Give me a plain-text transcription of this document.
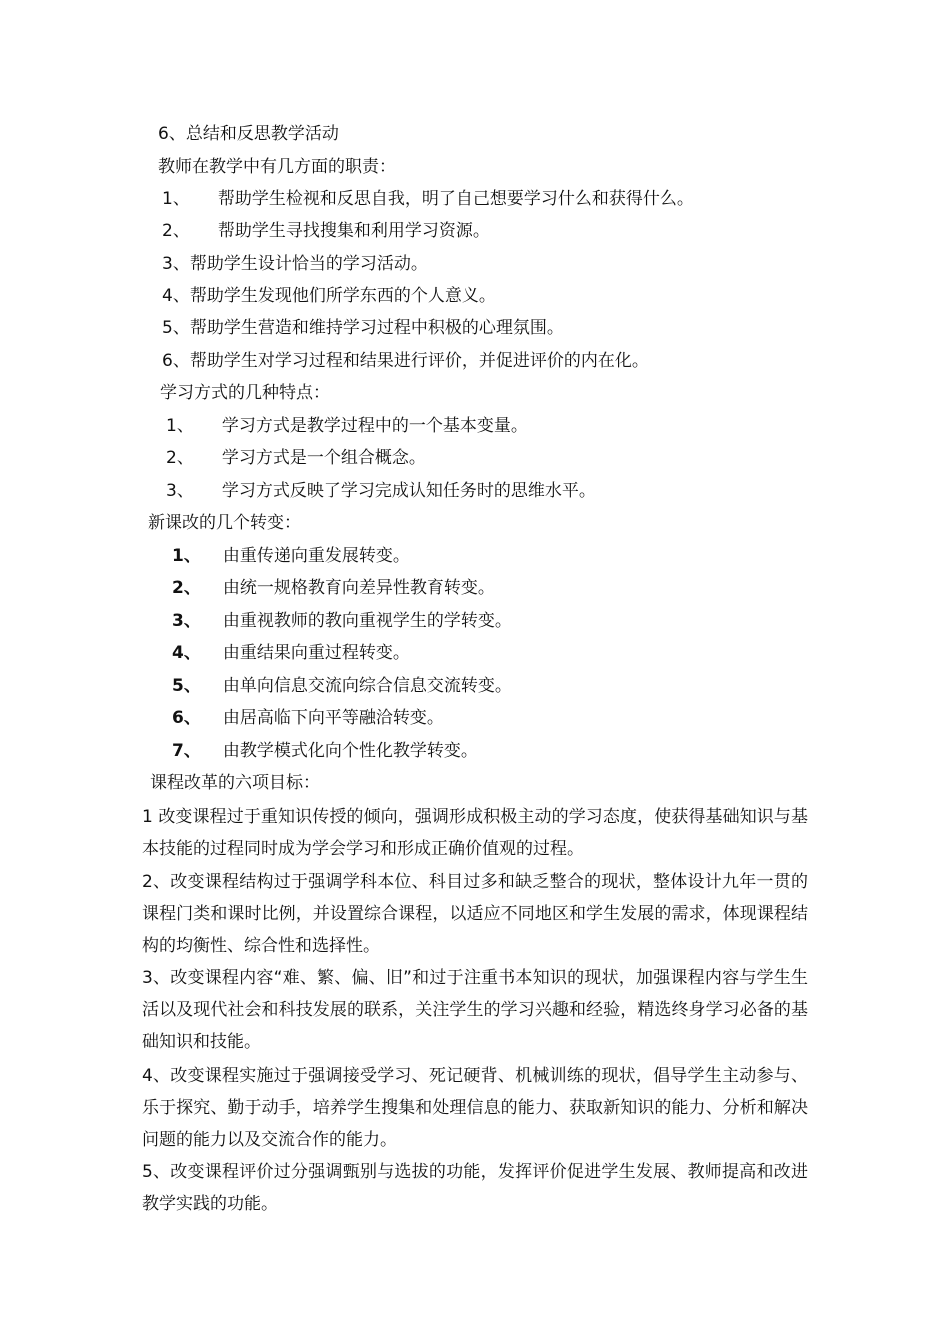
6、总结和反思教学活动
教师在教学中有几方面的职责：
1、 帮助学生检视和反思自我，明了自己想要学习什么和获得什么。
2、 帮助学生寻找搜集和利用学习资源。
3、帮助学生设计恰当的学习活动。
4、帮助学生发现他们所学东西的个人意义。
5、帮助学生营造和维持学习过程中积极的心理氛围。
6、帮助学生对学习过程和结果进行评价，并促进评价的内在化。
学习方式的几种特点：
1、 学习方式是教学过程中的一个基本变量。
2、 学习方式是一个组合概念。
3、 学习方式反映了学习完成认知任务时的思维水平。
新课改的几个转变：
1、 由重传递向重发展转变。
2、 由统一规格教育向差异性教育转变。
3、 由重视教师的教向重视学生的学转变。
4、 由重结果向重过程转变。
5、 由单向信息交流向综合信息交流转变。
6、 由居高临下向平等融洽转变。
7、 由教学模式化向个性化教学转变。
课程改革的六项目标：
1 改变课程过于重知识传授的倾向，强调形成积极主动的学习态度，使获得基础知识与基本技能的过程同时成为学会学习和形成正确价值观的过程。
2、改变课程结构过于强调学科本位、科目过多和缺乏整合的现状，整体设计九年一贯的课程门类和课时比例，并设置综合课程，以适应不同地区和学生发展的需求，体现课程结构的均衡性、综合性和选择性。
3、改变课程内容“难、繁、偏、旧”和过于注重书本知识的现状，加强课程内容与学生生活以及现代社会和科技发展的联系，关注学生的学习兴趣和经验，精选终身学习必备的基础知识和技能。
4、改变课程实施过于强调接受学习、死记硬背、机械训练的现状，倡导学生主动参与、乐于探究、勤于动手，培养学生搜集和处理信息的能力、获取新知识的能力、分析和解决问题的能力以及交流合作的能力。
5、改变课程评价过分强调甄别与选拔的功能，发挥评价促进学生发展、教师提高和改进教学实践的功能。
